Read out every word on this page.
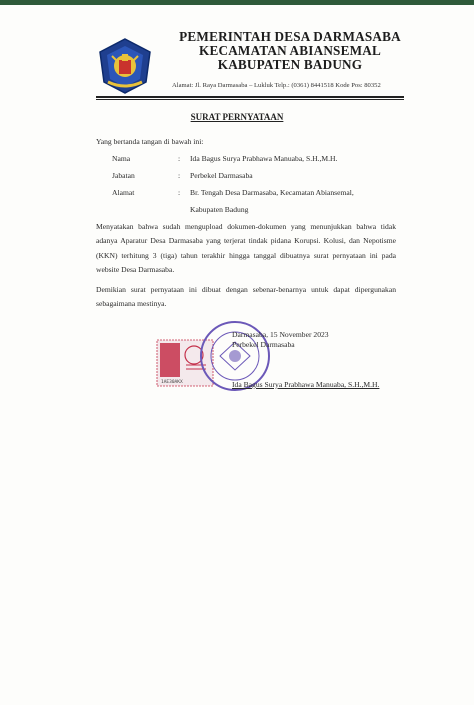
PEMERINTAH DESA DARMASABA
KECAMATAN ABIANSEMAL
KABUPATEN BADUNG
Alamat: Jl. Raya Darmasaba – Lukluk Telp.: (0361) 8441518 Kode Pos: 80352
SURAT PERNYATAAN
Yang bertanda tangan di bawah ini:
Nama	: Ida Bagus Surya Prabhawa Manuaba, S.H.,M.H.
Jabatan	: Perbekel Darmasaba
Alamat	: Br. Tengah Desa Darmasaba, Kecamatan Abiansemal,
Kabupaten Badung
Menyatakan bahwa sudah mengupload dokumen-dokumen yang menunjukkan bahwa tidak adanya Aparatur Desa Darmasaba yang terjerat tindak pidana Korupsi. Kolusi, dan Nepotisme (KKN) terhitung 3 (tiga) tahun terakhir hingga tanggal dibuatnya surat pernyataan ini pada website Desa Darmasaba.
Demikian surat pernyataan ini dibuat dengan sebenar-benarnya untuk dapat dipergunakan sebagaimana mestinya.
1AE30AKX
Darmasaba, 15 November 2023
Perbekel Darmasaba
Ida Bagus Surya Prabhawa Manuaba, S.H.,M.H.
